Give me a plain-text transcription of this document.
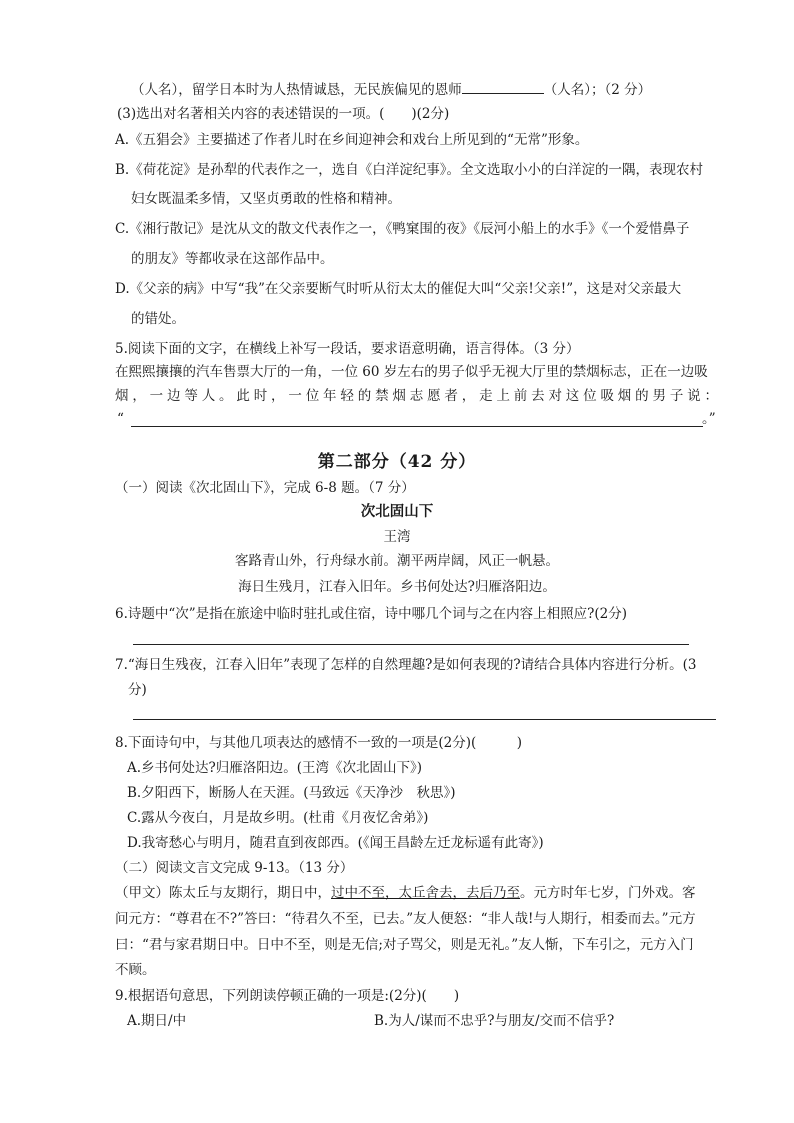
（人名），留学日本时为人热情诚恳，无民族偏见的恩师	（人名）；（2 分）
(3)选出对名著相关内容的表述错误的一项。(　　)(2分)
A.《五猖会》主要描述了作者儿时在乡间迎神会和戏台上所见到的“无常”形象。
B.《荷花淀》是孙犁的代表作之一，选自《白洋淀纪事》。全文选取小小的白洋淀的一隅，表现农村
妇女既温柔多情，又坚贞勇敢的性格和精神。
C.《湘行散记》是沈从文的散文代表作之一，《鸭窠围的夜》《辰河小船上的水手》《一个爱惜鼻子
的朋友》等都收录在这部作品中。
D.《父亲的病》中写“我”在父亲要断气时听从衍太太的催促大叫“父亲!父亲!”，这是对父亲最大
的错处。
5.阅读下面的文字，在横线上补写一段话，要求语意明确，语言得体。（3 分）
在熙熙攘攘的汽车售票大厅的一角，一位 60 岁左右的男子似乎无视大厅里的禁烟标志，正在一边吸
烟，一边等人。此时，一位年轻的禁烟志愿者，走上前去对这位吸烟的男子说：
“	。”
第二部分（42 分）
（一）阅读《次北固山下》，完成 6-8 题。（7 分）
次北固山下
王湾
客路青山外，行舟绿水前。潮平两岸阔，风正一帆悬。
海日生残月，江春入旧年。乡书何处达?归雁洛阳边。
6.诗题中“次”是指在旅途中临时驻扎或住宿，诗中哪几个词与之在内容上相照应?(2分)
7.“海日生残夜，江春入旧年”表现了怎样的自然理趣?是如何表现的?请结合具体内容进行分析。(3
分)
8.下面诗句中，与其他几项表达的感情不一致的一项是(2分)(　　　)
A.乡书何处达?归雁洛阳边。(王湾《次北固山下》)
B.夕阳西下，断肠人在天涯。(马致远《天净沙　秋思》)
C.露从今夜白，月是故乡明。(杜甫《月夜忆舍弟》)
D.我寄愁心与明月，随君直到夜郎西。(《闻王昌龄左迁龙标遥有此寄》)
（二）阅读文言文完成 9-13。（13 分）
（甲文）陈太丘与友期行，期日中，过中不至，太丘舍去，去后乃至。元方时年七岁，门外戏。客
问元方：“尊君在不?”答曰：“待君久不至，已去。”友人便怒：“非人哉!与人期行，相委而去。”元方
曰：“君与家君期日中。日中不至，则是无信;对子骂父，则是无礼。”友人惭，下车引之，元方入门
不顾。
9.根据语句意思，下列朗读停顿正确的一项是:(2分)(　　)
A.期日/中	B.为人/谋而不忠乎?与朋友/交而不信乎?
